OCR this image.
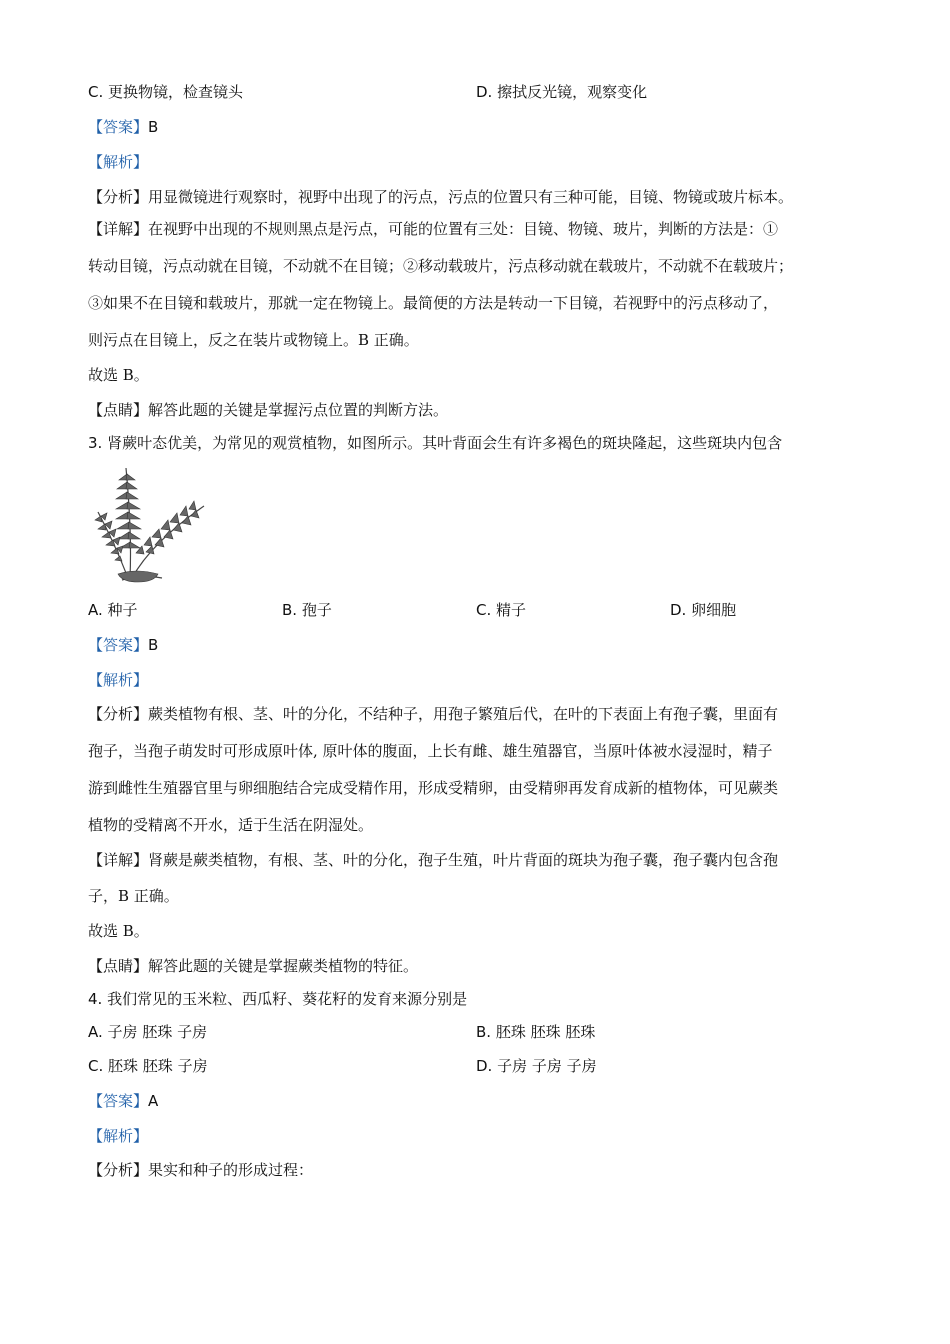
C. 更换物镜，检查镜头	D. 擦拭反光镜，观察变化
【答案】B
【解析】
【分析】用显微镜进行观察时，视野中出现了的污点，污点的位置只有三种可能，目镜、物镜或玻片标本。
【详解】在视野中出现的不规则黑点是污点，可能的位置有三处：目镜、物镜、玻片，判断的方法是：①
转动目镜，污点动就在目镜，不动就不在目镜；②移动载玻片，污点移动就在载玻片，不动就不在载玻片；
③如果不在目镜和载玻片，那就一定在物镜上。最简便的方法是转动一下目镜，若视野中的污点移动了，
则污点在目镜上，反之在装片或物镜上。B 正确。
故选 B。
【点睛】解答此题的关键是掌握污点位置的判断方法。
3. 肾蕨叶态优美，为常见的观赏植物，如图所示。其叶背面会生有许多褐色的斑块隆起，这些斑块内包含
A. 种子	B. 孢子	C. 精子	D. 卵细胞
【答案】B
【解析】
【分析】蕨类植物有根、茎、叶的分化，不结种子，用孢子繁殖后代，在叶的下表面上有孢子囊，里面有
孢子，当孢子萌发时可形成原叶体, 原叶体的腹面，上长有雌、雄生殖器官，当原叶体被水浸湿时，精子
游到雌性生殖器官里与卵细胞结合完成受精作用，形成受精卵，由受精卵再发育成新的植物体，可见蕨类
植物的受精离不开水，适于生活在阴湿处。
【详解】肾蕨是蕨类植物，有根、茎、叶的分化，孢子生殖，叶片背面的斑块为孢子囊，孢子囊内包含孢
子，B 正确。
故选 B。
【点睛】解答此题的关键是掌握蕨类植物的特征。
4. 我们常见的玉米粒、西瓜籽、葵花籽的发育来源分别是
A. 子房 胚珠 子房	B. 胚珠 胚珠 胚珠
C. 胚珠 胚珠 子房	D. 子房 子房 子房
【答案】A
【解析】
【分析】果实和种子的形成过程：
